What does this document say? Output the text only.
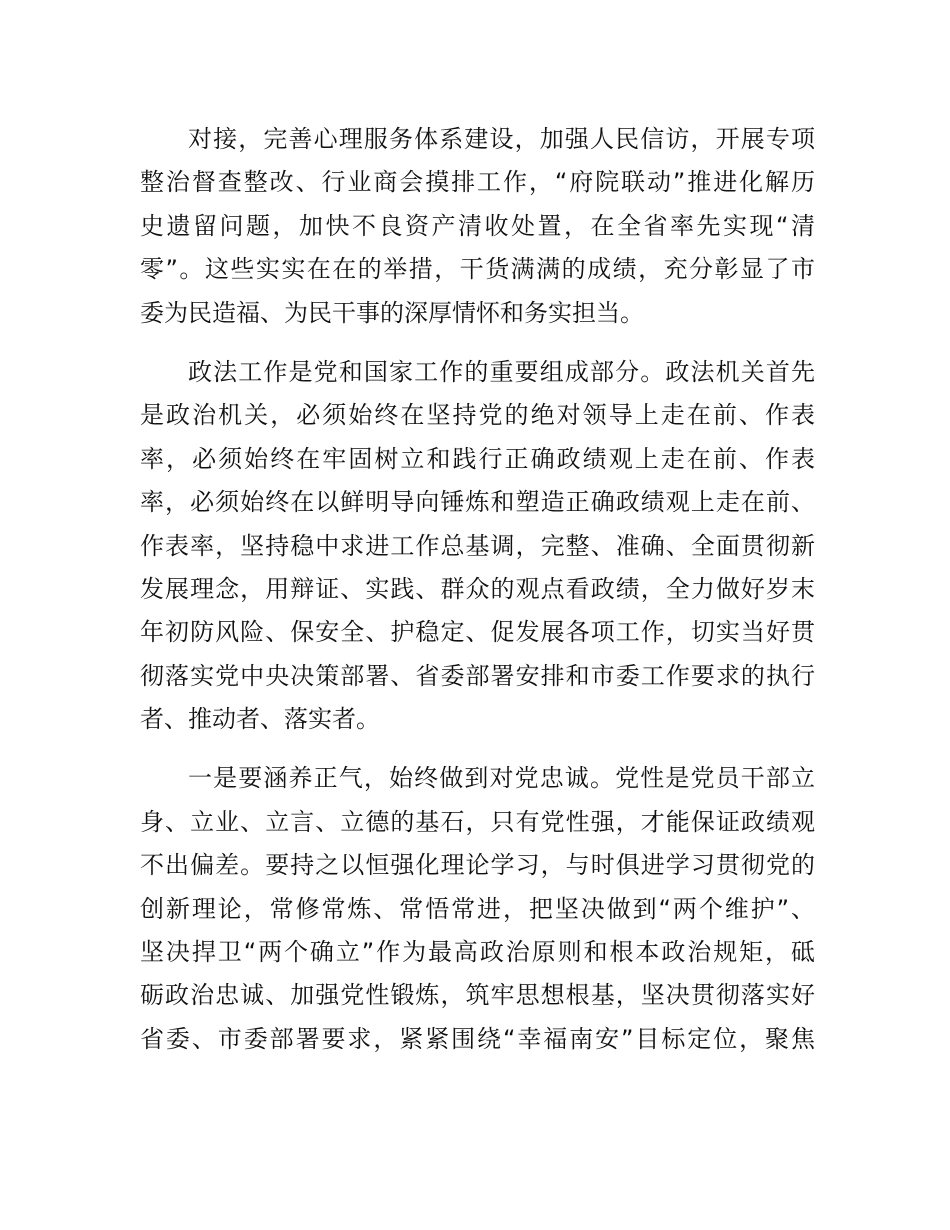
对接，完善心理服务体系建设，加强人民信访，开展专项
整治督查整改、行业商会摸排工作，“府院联动”推进化解历
史遗留问题，加快不良资产清收处置，在全省率先实现“清
零”。这些实实在在的举措，干货满满的成绩，充分彰显了市
委为民造福、为民干事的深厚情怀和务实担当。

政法工作是党和国家工作的重要组成部分。政法机关首先
是政治机关，必须始终在坚持党的绝对领导上走在前、作表
率，必须始终在牢固树立和践行正确政绩观上走在前、作表
率，必须始终在以鲜明导向锤炼和塑造正确政绩观上走在前、
作表率，坚持稳中求进工作总基调，完整、准确、全面贯彻新
发展理念，用辩证、实践、群众的观点看政绩，全力做好岁末
年初防风险、保安全、护稳定、促发展各项工作，切实当好贯
彻落实党中央决策部署、省委部署安排和市委工作要求的执行
者、推动者、落实者。

一是要涵养正气，始终做到对党忠诚。党性是党员干部立
身、立业、立言、立德的基石，只有党性强，才能保证政绩观
不出偏差。要持之以恒强化理论学习，与时俱进学习贯彻党的
创新理论，常修常炼、常悟常进，把坚决做到“两个维护”、
坚决捍卫“两个确立”作为最高政治原则和根本政治规矩，砥
砺政治忠诚、加强党性锻炼，筑牢思想根基，坚决贯彻落实好
省委、市委部署要求，紧紧围绕“幸福南安”目标定位，聚焦
